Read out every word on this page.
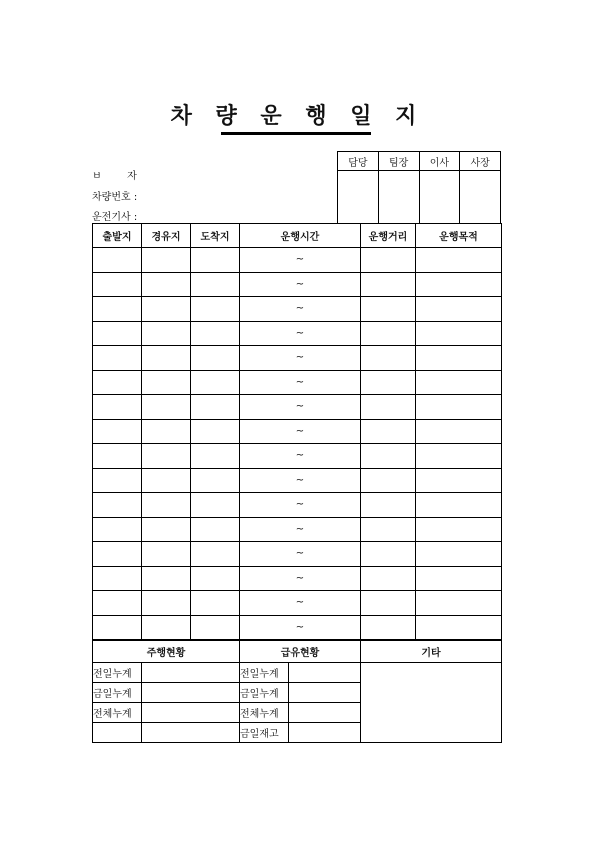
차 량 운 행 일 지
ㅂ        자
차량번호 :
운전기사 :
담당	팀장	이사	사장

출발지	경유지	도착지	운행시간	운행거리	운행목적
			~		
			~		
			~		
			~		
			~		
			~		
			~		
			~		
			~		
			~		
			~		
			~		
			~		
			~		
			~		
			~		
주행현황		급유현황		기타
전일누계		전일누계		
금일누계		금일누계		
전체누계		전체누계		
		금일재고		
